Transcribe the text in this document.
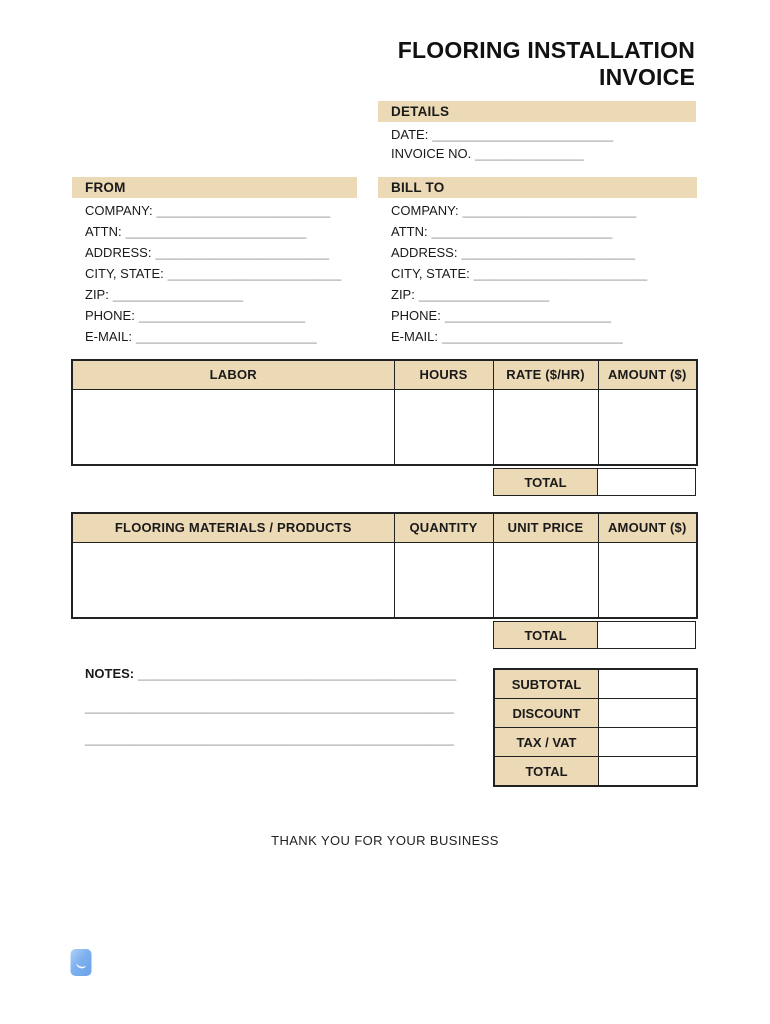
FLOORING INSTALLATION
INVOICE
DETAILS
DATE: _________________________
INVOICE NO. _______________
FROM
COMPANY: ________________________
ATTN: _________________________
ADDRESS: ________________________
CITY, STATE: ________________________
ZIP: __________________
PHONE: _______________________
E-MAIL: _________________________
BILL TO
COMPANY: ________________________
ATTN: _________________________
ADDRESS: ________________________
CITY, STATE: ________________________
ZIP: __________________
PHONE: _______________________
E-MAIL: _________________________
LABOR	HOURS	RATE ($/HR)	AMOUNT ($)

TOTAL	
FLOORING MATERIALS / PRODUCTS	QUANTITY	UNIT PRICE	AMOUNT ($)

TOTAL	
NOTES: ____________________________________________
___________________________________________________
___________________________________________________
SUBTOTAL	
DISCOUNT	
TAX / VAT	
TOTAL	
THANK YOU FOR YOUR BUSINESS
